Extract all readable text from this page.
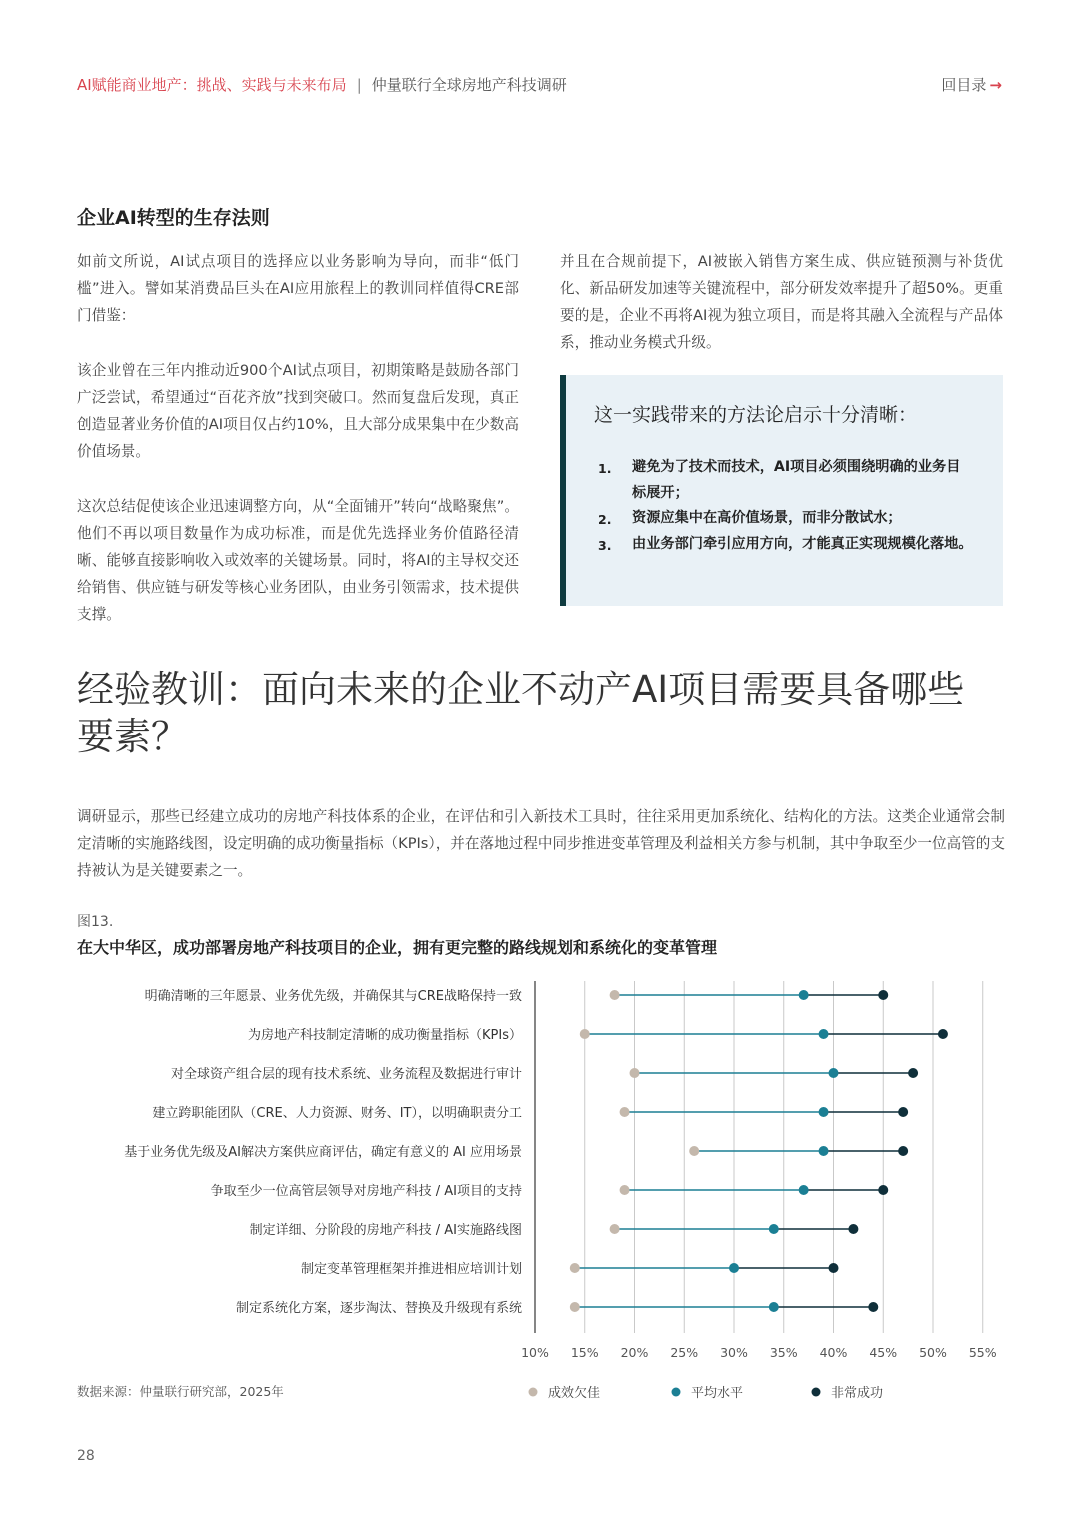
AI赋能商业地产：挑战、实践与未来布局 | 仲量联行全球房地产科技调研	回目录 →
企业AI转型的生存法则
如前文所说，AI试点项目的选择应以业务影响为导向，而非“低门槛”进入。譬如某消费品巨头在AI应用旅程上的教训同样值得CRE部门借鉴：
该企业曾在三年内推动近900个AI试点项目，初期策略是鼓励各部门广泛尝试，希望通过“百花齐放”找到突破口。然而复盘后发现，真正创造显著业务价值的AI项目仅占约10%，且大部分成果集中在少数高价值场景。
这次总结促使该企业迅速调整方向，从“全面铺开”转向“战略聚焦”。他们不再以项目数量作为成功标准，而是优先选择业务价值路径清晰、能够直接影响收入或效率的关键场景。同时，将AI的主导权交还给销售、供应链与研发等核心业务团队，由业务引领需求，技术提供支撑。
并且在合规前提下，AI被嵌入销售方案生成、供应链预测与补货优化、新品研发加速等关键流程中，部分研发效率提升了超50%。更重要的是，企业不再将AI视为独立项目，而是将其融入全流程与产品体系，推动业务模式升级。
这一实践带来的方法论启示十分清晰：
1. 避免为了技术而技术，AI项目必须围绕明确的业务目标展开；
2. 资源应集中在高价值场景，而非分散试水；
3. 由业务部门牵引应用方向，才能真正实现规模化落地。
经验教训：面向未来的企业不动产AI项目需要具备哪些要素？
调研显示，那些已经建立成功的房地产科技体系的企业，在评估和引入新技术工具时，往往采用更加系统化、结构化的方法。这类企业通常会制定清晰的实施路线图，设定明确的成功衡量指标（KPIs），并在落地过程中同步推进变革管理及利益相关方参与机制，其中争取至少一位高管的支持被认为是关键要素之一。
图13.
在大中华区，成功部署房地产科技项目的企业，拥有更完整的路线规划和系统化的变革管理
10% 15% 20% 25% 30% 35% 40% 45% 50% 55%
明确清晰的三年愿景、业务优先级，并确保其与CRE战略保持一致
为房地产科技制定清晰的成功衡量指标（KPIs）
对全球资产组合层的现有技术系统、业务流程及数据进行审计
建立跨职能团队（CRE、人力资源、财务、IT），以明确职责分工
基于业务优先级及AI解决方案供应商评估，确定有意义的 AI 应用场景
争取至少一位高管层领导对房地产科技 / AI项目的支持
制定详细、分阶段的房地产科技 / AI实施路线图
制定变革管理框架并推进相应培训计划
制定系统化方案，逐步淘汰、替换及升级现有系统
成效欠佳	平均水平	非常成功
数据来源：仲量联行研究部，2025年
28
